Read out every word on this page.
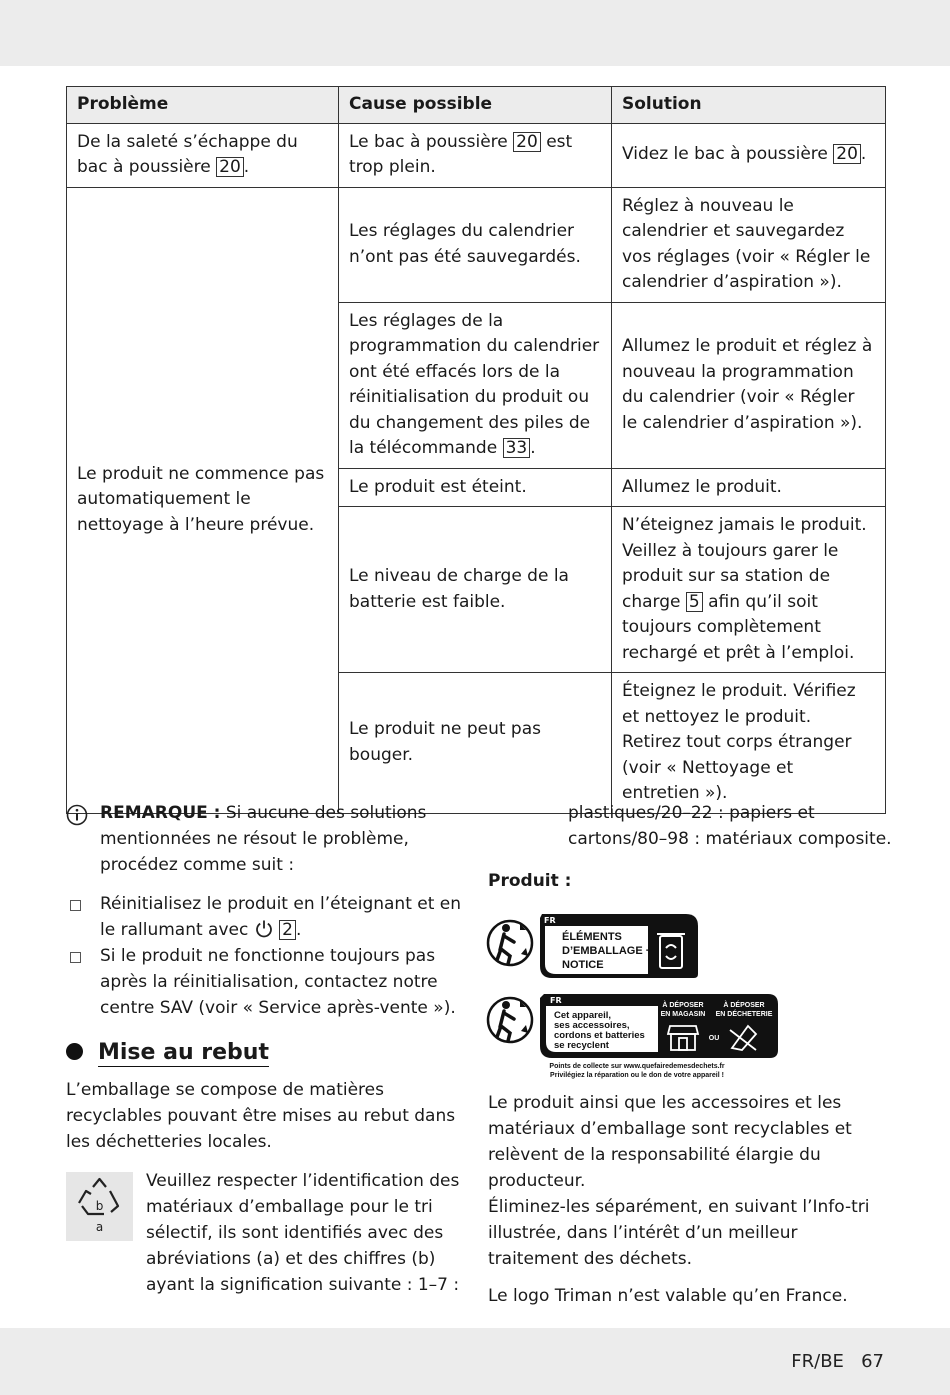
Problème	Cause possible	Solution
De la saleté s’échappe du bac à poussière 20 .	Le bac à poussière 20 est trop plein.	Videz le bac à poussière 20 .
Le produit ne commence pas automatiquement le nettoyage à l’heure prévue.	Les réglages du calendrier n’ont pas été sauvegardés.	Réglez à nouveau le calendrier et sauvegardez vos réglages (voir « Régler le calendrier d’aspiration »).
	Les réglages de la programmation du calendrier ont été effacés lors de la réinitialisation du produit ou du changement des piles de la télécommande 33 .	Allumez le produit et réglez à nouveau la programmation du calendrier (voir « Régler le calendrier d’aspiration »).
	Le produit est éteint.	Allumez le produit.
	Le niveau de charge de la batterie est faible.	N’éteignez jamais le produit. Veillez à toujours garer le produit sur sa station de charge 5 afin qu’il soit toujours complètement rechargé et prêt à l’emploi.
	Le produit ne peut pas bouger.	Éteignez le produit. Vérifiez et nettoyez le produit. Retirez tout corps étranger (voir « Nettoyage et entretien »).
REMARQUE : Si aucune des solutions mentionnées ne résout le problème, procédez comme suit :
Réinitialisez le produit en l’éteignant et en le rallumant avec 2 .
Si le produit ne fonctionne toujours pas après la réinitialisation, contactez notre centre SAV (voir « Service après-vente »).
Mise au rebut
L’emballage se compose de matières recyclables pouvant être mises au rebut dans les déchetteries locales.
b
a
Veuillez respecter l’identification des matériaux d’emballage pour le tri sélectif, ils sont identifiés avec des abréviations (a) et des chiffres (b) ayant la signification suivante : 1–7 :
plastiques/20–22 : papiers et cartons/80–98 : matériaux composite.
Produit :
FR
ÉLÉMENTS
D’EMBALLAGE +
NOTICE
FR
Cet appareil,
ses accessoires,
cordons et batteries
se recyclent
À DÉPOSER
EN MAGASIN
À DÉPOSER
EN DÉCHETERIE
OU
Points de collecte sur www.quefairedemesdechets.fr
Privilégiez la réparation ou le don de votre appareil !
Le produit ainsi que les accessoires et les matériaux d’emballage sont recyclables et relèvent de la responsabilité élargie du producteur.
Éliminez-les séparément, en suivant l’Info-tri illustrée, dans l’intérêt d’un meilleur traitement des déchets.
Le logo Triman n’est valable qu’en France.
FR/BE 67
